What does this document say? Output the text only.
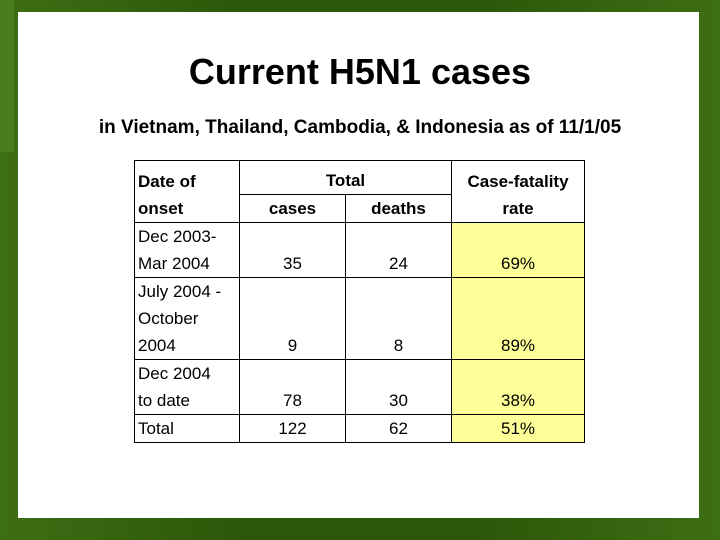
Current H5N1 cases
in Vietnam, Thailand, Cambodia, & Indonesia as of 11/1/05

Date of	Total		Case-fatality
onset	cases	deaths	rate
Dec 2003-			
Mar 2004	35	24	69%
July 2004 -			
October			
2004	9	8	89%
Dec 2004			
to date	78	30	38%
Total	122	62	51%
